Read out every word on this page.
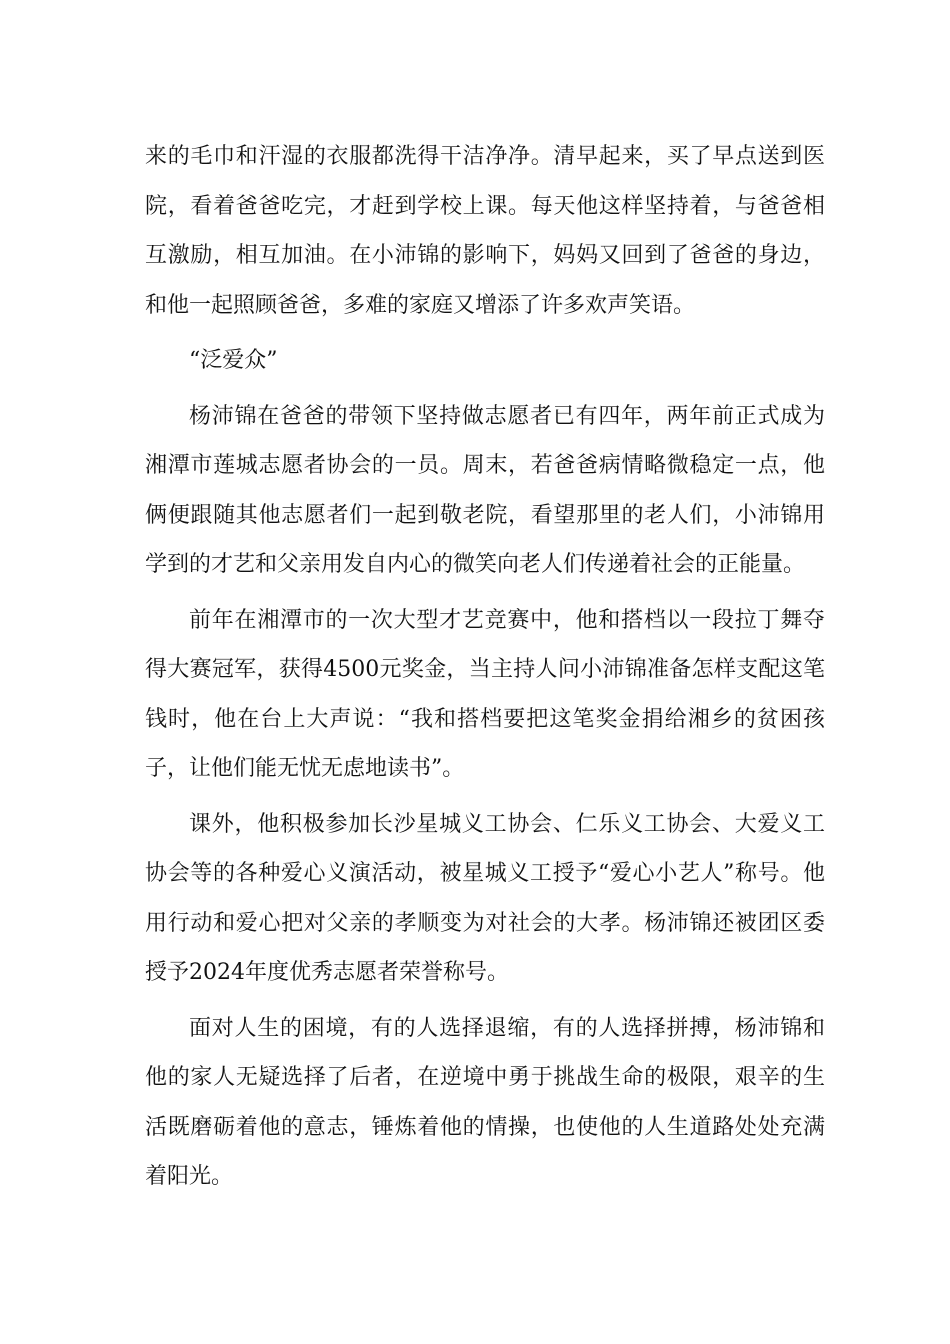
来的毛巾和汗湿的衣服都洗得干洁净净。清早起来，买了早点送到医院，看着爸爸吃完，才赶到学校上课。每天他这样坚持着，与爸爸相互激励，相互加油。在小沛锦的影响下，妈妈又回到了爸爸的身边，和他一起照顾爸爸，多难的家庭又增添了许多欢声笑语。

“泛爱众”

杨沛锦在爸爸的带领下坚持做志愿者已有四年，两年前正式成为湘潭市莲城志愿者协会的一员。周末，若爸爸病情略微稳定一点，他俩便跟随其他志愿者们一起到敬老院，看望那里的老人们，小沛锦用学到的才艺和父亲用发自内心的微笑向老人们传递着社会的正能量。

前年在湘潭市的一次大型才艺竞赛中，他和搭档以一段拉丁舞夺得大赛冠军，获得4500元奖金，当主持人问小沛锦准备怎样支配这笔钱时，他在台上大声说：“我和搭档要把这笔奖金捐给湘乡的贫困孩子，让他们能无忧无虑地读书”。

课外，他积极参加长沙星城义工协会、仁乐义工协会、大爱义工协会等的各种爱心义演活动，被星城义工授予“爱心小艺人”称号。他用行动和爱心把对父亲的孝顺变为对社会的大孝。杨沛锦还被团区委授予2024年度优秀志愿者荣誉称号。

面对人生的困境，有的人选择退缩，有的人选择拼搏，杨沛锦和他的家人无疑选择了后者，在逆境中勇于挑战生命的极限，艰辛的生活既磨砺着他的意志，锤炼着他的情操，也使他的人生道路处处充满着阳光。
